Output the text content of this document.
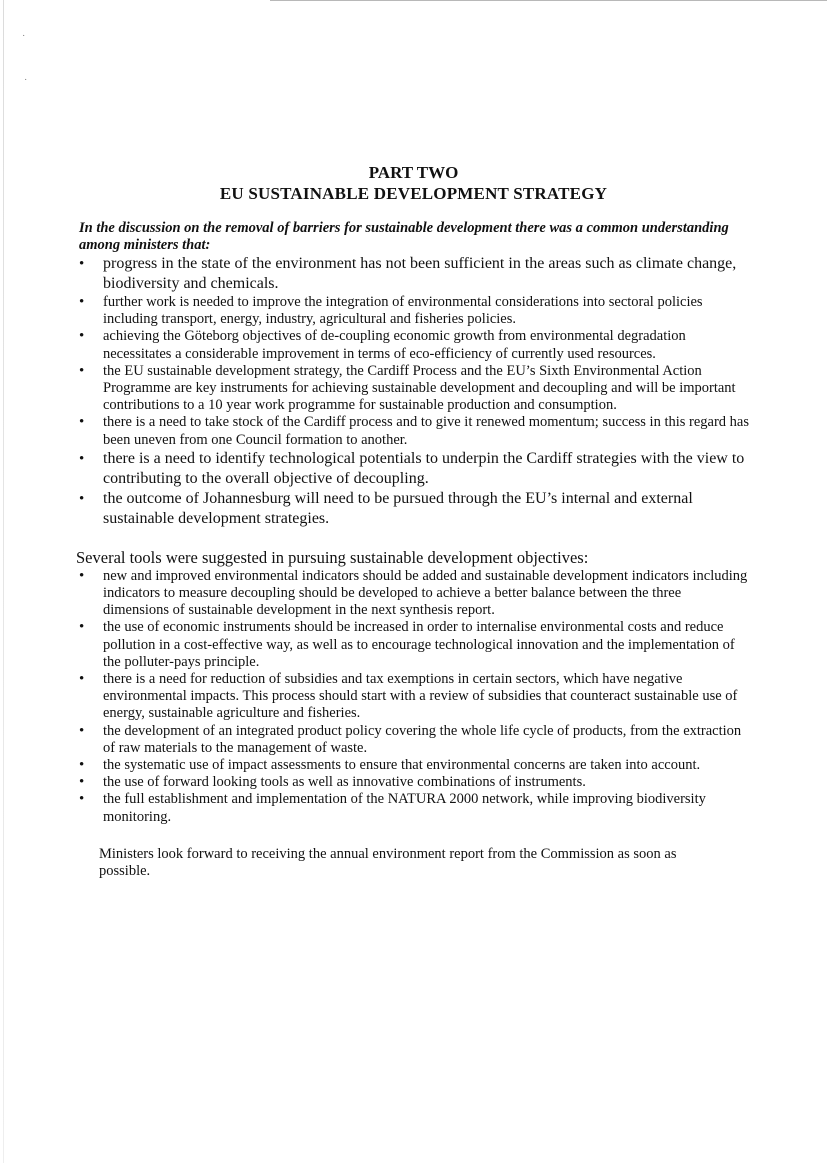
˙
˙
PART TWO
EU SUSTAINABLE DEVELOPMENT STRATEGY

In the discussion on the removal of barriers for sustainable development there was a common understanding among ministers that:

• progress in the state of the environment has not been sufficient in the areas such as climate change, biodiversity and chemicals.
• further work is needed to improve the integration of environmental considerations into sectoral policies including transport, energy, industry, agricultural and fisheries policies.
• achieving the Göteborg objectives of de-coupling economic growth from environmental degradation necessitates a considerable improvement in terms of eco-efficiency of currently used resources.
• the EU sustainable development strategy, the Cardiff Process and the EU’s Sixth Environmental Action Programme are key instruments for achieving sustainable development and decoupling and will be important contributions to a 10 year work programme for sustainable production and consumption.
• there is a need to take stock of the Cardiff process and to give it renewed momentum; success in this regard has been uneven from one Council formation to another.
• there is a need to identify technological potentials to underpin the Cardiff strategies with the view to contributing to the overall objective of decoupling.
• the outcome of Johannesburg will need to be pursued through the EU’s internal and external sustainable development strategies.
Several tools were suggested in pursuing sustainable development objectives:
• new and improved environmental indicators should be added and sustainable development indicators including indicators to measure decoupling should be developed to achieve a better balance between the three dimensions of sustainable development in the next synthesis report.
• the use of economic instruments should be increased in order to internalise environmental costs and reduce pollution in a cost-effective way, as well as to encourage technological innovation and the implementation of the polluter-pays principle.
• there is a need for reduction of subsidies and tax exemptions in certain sectors, which have negative environmental impacts. This process should start with a review of subsidies that counteract sustainable use of energy, sustainable agriculture and fisheries.
• the development of an integrated product policy covering the whole life cycle of products, from the extraction of raw materials to the management of waste.
• the systematic use of impact assessments to ensure that environmental concerns are taken into account.
• the use of forward looking tools as well as innovative combinations of instruments.
• the full establishment and implementation of the NATURA 2000 network, while improving biodiversity monitoring.

Ministers look forward to receiving the annual environment report from the Commission as soon as possible.
